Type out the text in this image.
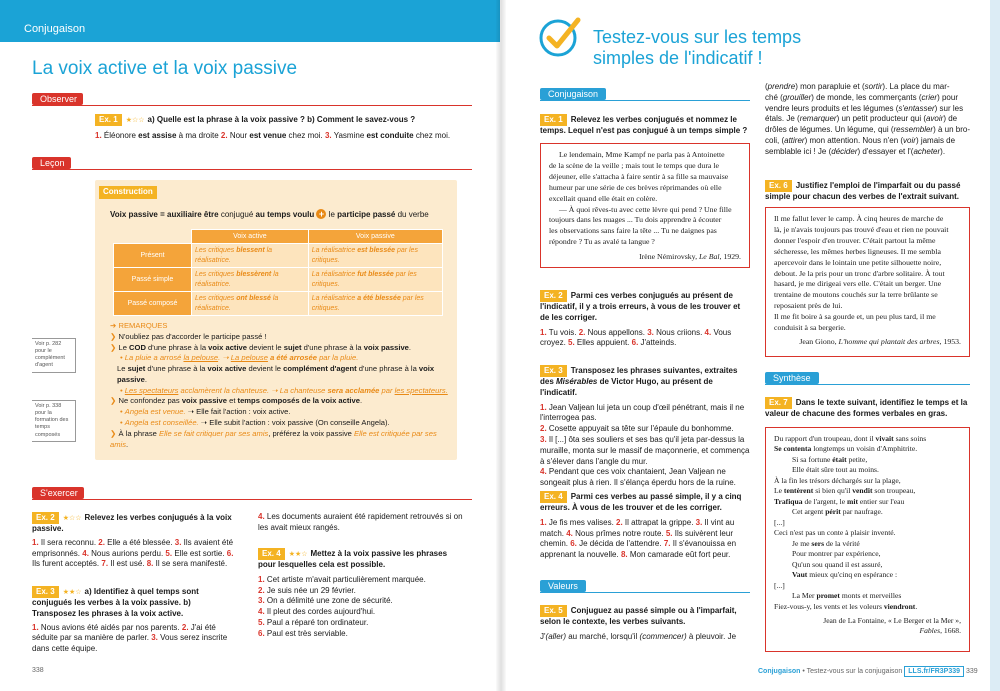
Conjugaison
La voix active et la voix passive
Observer
Ex. 1 ★☆☆ a) Quelle est la phrase à la voix passive ? b) Comment le savez-vous ?
1. Éléonore est assise à ma droite 2. Nour est venue chez moi. 3. Yasmine est conduite chez moi.
Leçon
Construction
Voix passive = auxiliaire être conjugué au temps voulu + le participe passé du verbe
	Voix active	Voix passive
Présent	Les critiques blessent la réalisatrice.	La réalisatrice est blessée par les critiques.
Passé simple	Les critiques blessèrent la réalisatrice.	La réalisatrice fut blessée par les critiques.
Passé composé	Les critiques ont blessé la réalisatrice.	La réalisatrice a été blessée par les critiques.
➔ REMARQUES
❯ N'oubliez pas d'accorder le participe passé !
❯ Le COD d'une phrase à la voix active devient le sujet d'une phrase à la voix passive.
• La pluie a arrosé la pelouse. ➝ La pelouse a été arrosée par la pluie.
Le sujet d'une phrase à la voix active devient le complément d'agent d'une phrase à la voix passive.
• Les spectateurs acclamèrent la chanteuse. ➝ La chanteuse sera acclamée par les spectateurs.
❯ Ne confondez pas voix passive et temps composés de la voix active.
• Angela est venue. ➝ Elle fait l'action : voix active.
• Angela est conseillée. ➝ Elle subit l'action : voix passive (On conseille Angela).
❯ À la phrase Elle se fait critiquer par ses amis, préférez la voix passive Elle est critiquée par ses amis.
Voir p. 282 pour le complément d'agent
Voir p. 338 pour la formation des temps composés
S'exercer
Ex. 2 ★☆☆ Relevez les verbes conjugués à la voix passive.
1. Il sera reconnu. 2. Elle a été blessée. 3. Ils avaient été emprisonnés. 4. Nous aurions perdu. 5. Elle est sortie. 6. Ils furent acceptés. 7. Il est usé. 8. Il se sera manifesté.
Ex. 3 ★★☆ a) Identifiez à quel temps sont conjugués les verbes à la voix passive. b) Transposez les phrases à la voix active.
1. Nous avions été aidés par nos parents. 2. J'ai été séduite par sa manière de parler. 3. Vous serez inscrite dans cette équipe.
4. Les documents auraient été rapidement retrouvés si on les avait mieux rangés.
Ex. 4 ★★☆ Mettez à la voix passive les phrases pour lesquelles cela est possible.
1. Cet artiste m'avait particulièrement marquée.
2. Je suis née un 29 février.
3. On a délimité une zone de sécurité.
4. Il pleut des cordes aujourd'hui.
5. Paul a réparé ton ordinateur.
6. Paul est très serviable.
338
Testez-vous sur les temps
simples de l'indicatif !
Conjugaison
Ex. 1 Relevez les verbes conjugués et nommez le temps. Lequel n'est pas conjugué à un temps simple ?
Le lendemain, Mme Kampf ne parla pas à Antoinette
de la scène de la veille ; mais tout le temps que dura le
déjeuner, elle s'attacha à faire sentir à sa fille sa mauvaise
humeur par une série de ces brèves réprimandes où elle
excellait quand elle était en colère.
— À quoi rêves-tu avec cette lèvre qui pend ? Une fille
toujours dans les nuages ... Tu dois apprendre à écouter
les observations sans faire la tête ... Tu ne daignes pas
répondre ? Tu as avalé ta langue ?
Irène Némirovsky, Le Bal, 1929.
Ex. 2 Parmi ces verbes conjugués au présent de l'indicatif, il y a trois erreurs, à vous de les trouver et de les corriger.
1. Tu vois. 2. Nous appellons. 3. Nous criions. 4. Vous croyez. 5. Elles appuient. 6. J'atteinds.
Ex. 3 Transposez les phrases suivantes, extraites des Misérables de Victor Hugo, au présent de l'indicatif.
1. Jean Valjean lui jeta un coup d'œil pénétrant, mais il ne l'interrogea pas.
2. Cosette appuyait sa tête sur l'épaule du bonhomme.
3. Il [...] ôta ses souliers et ses bas qu'il jeta par-dessus la muraille, monta sur le massif de maçonnerie, et commença à s'élever dans l'angle du mur.
4. Pendant que ces voix chantaient, Jean Valjean ne songeait plus à rien. Il s'élança éperdu hors de la ruine.
Ex. 4 Parmi ces verbes au passé simple, il y a cinq erreurs. À vous de les trouver et de les corriger.
1. Je fis mes valises. 2. Il attrapat la grippe. 3. Il vint au match. 4. Nous prîmes notre route. 5. Ils suivèrent leur chemin. 6. Je décida de l'attendre. 7. Il s'évanouissa en apprenant la nouvelle. 8. Mon camarade eût fort peur.
Valeurs
Ex. 5 Conjuguez au passé simple ou à l'imparfait, selon le contexte, les verbes suivants.
J'(aller) au marché, lorsqu'il (commencer) à pleuvoir. Je
(prendre) mon parapluie et (sortir). La place du mar-
ché (grouiller) de monde, les commerçants (crier) pour
vendre leurs produits et les légumes (s'entasser) sur les
étals. Je (remarquer) un petit producteur qui (avoir) de
drôles de légumes. Un légume, qui (ressembler) à un bro-
coli, (attirer) mon attention. Nous n'en (voir) jamais de
semblable ici ! Je (décider) d'essayer et l'(acheter).
Ex. 6 Justifiez l'emploi de l'imparfait ou du passé simple pour chacun des verbes de l'extrait suivant.
Il me fallut lever le camp. À cinq heures de marche de
là, je n'avais toujours pas trouvé d'eau et rien ne pouvait
donner l'espoir d'en trouver. C'était partout la même
sécheresse, les mêmes herbes ligneuses. Il me sembla
apercevoir dans le lointain une petite silhouette noire,
debout. Je la pris pour un tronc d'arbre solitaire. À tout
hasard, je me dirigeai vers elle. C'était un berger. Une
trentaine de moutons couchés sur la terre brûlante se
reposaient près de lui.
Il me fit boire à sa gourde et, un peu plus tard, il me
conduisit à sa bergerie.
Jean Giono, L'homme qui plantait des arbres, 1953.
Synthèse
Ex. 7 Dans le texte suivant, identifiez le temps et la valeur de chacune des formes verbales en gras.
Du rapport d'un troupeau, dont il vivait sans soins
Se contenta longtemps un voisin d'Amphitrite.
Si sa fortune était petite,
Elle était sûre tout au moins.
À la fin les trésors déchargés sur la plage,
Le tentèrent si bien qu'il vendit son troupeau,
Trafiqua de l'argent, le mit entier sur l'eau
Cet argent périt par naufrage.
[...]
Ceci n'est pas un conte à plaisir inventé.
Je me sers de la vérité
Pour montrer par expérience,
Qu'un sou quand il est assuré,
Vaut mieux qu'cinq en espérance :
[...]
La Mer promet monts et merveilles
Fiez-vous-y, les vents et les voleurs viendront.
Jean de La Fontaine, « Le Berger et la Mer »,
Fables, 1668.
Conjugaison • Testez-vous sur la conjugaison LLS.fr/FR3P339 339
